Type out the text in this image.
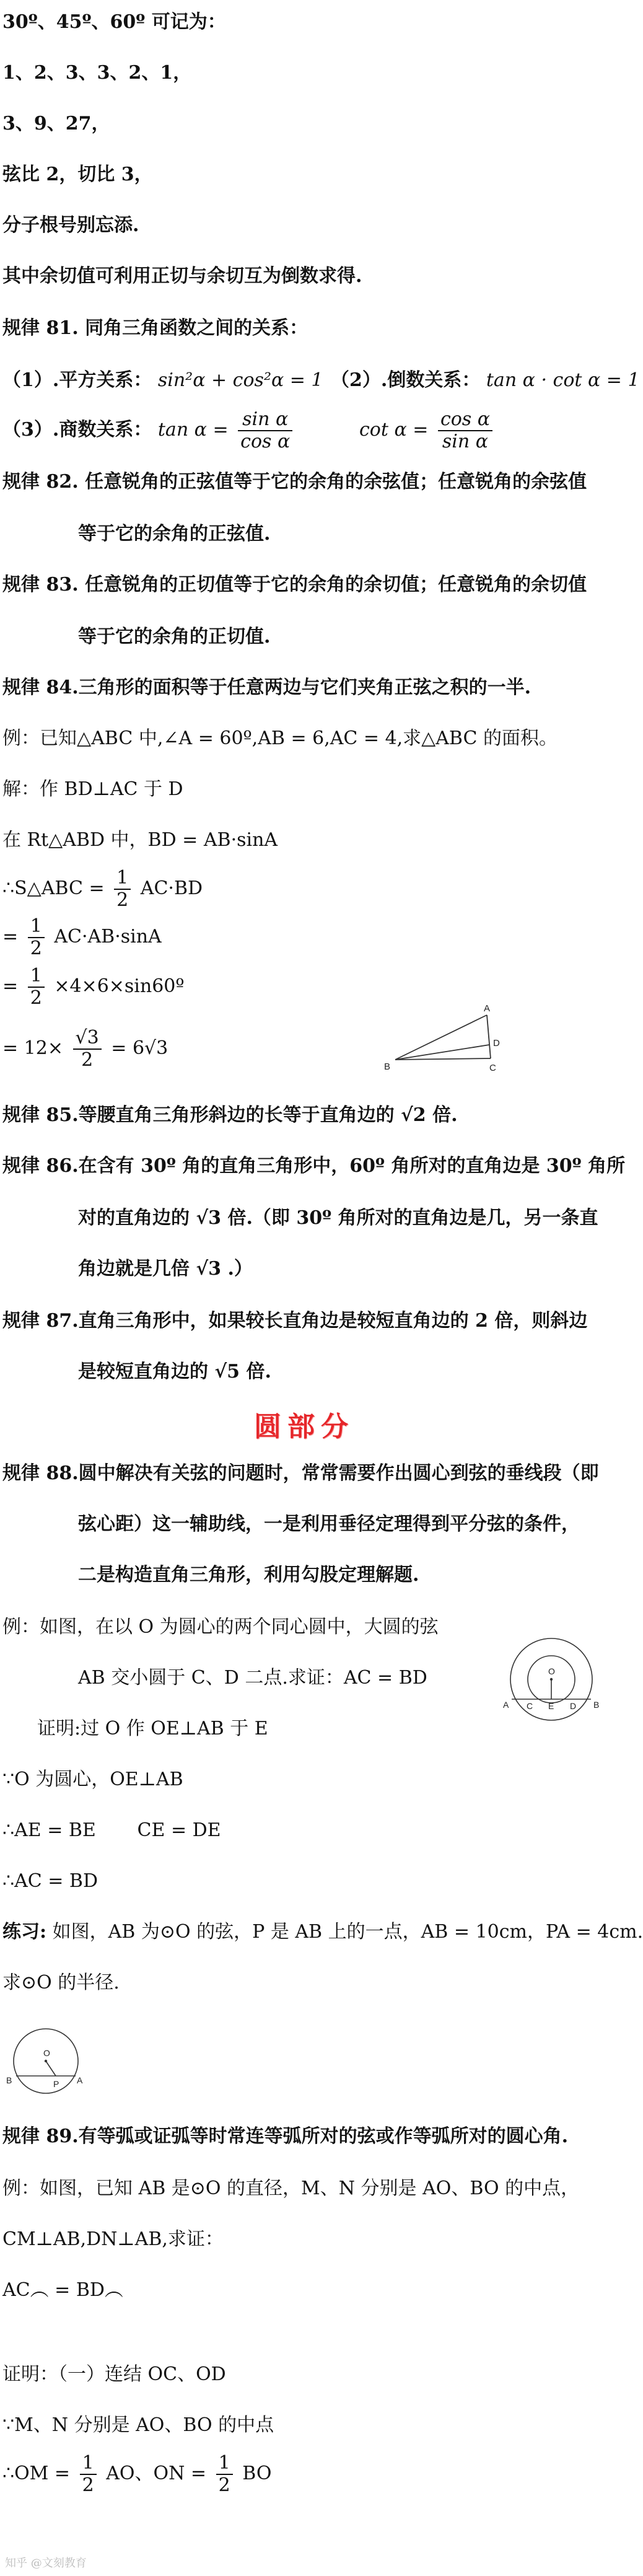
30º、45º、60º 可记为：
1、2、3、3、2、1，
3、9、27，
弦比 2，切比 3，
分子根号别忘添.
其中余切值可利用正切与余切互为倒数求得.
规律 81. 同角三角函数之间的关系：
（1）.平方关系： sin²α + cos²α = 1 （2）.倒数关系： tan α · cot α = 1
（3）.商数关系： $\tan \alpha = \frac{\text{sin α}}{\text{cos α}}$	$\cot \alpha = \frac{\text{cos α}}{\text{sin α}}$
规律 82. 任意锐角的正弦值等于它的余角的余弦值；任意锐角的余弦值
等于它的余角的正弦值.
规律 83. 任意锐角的正切值等于它的余角的余切值；任意锐角的余切值
等于它的余角的正切值.
规律 84.三角形的面积等于任意两边与它们夹角正弦之积的一半.
例：已知△ABC 中,∠A = 60º,AB = 6,AC = 4,求△ABC 的面积。
解：作 BD⊥AC 于 D
在 Rt△ABD 中，BD = AB·sinA
∴S△ABC = $\frac{1}{2} AC\cdot BD$
= $\frac{1}{2} AC\cdot AB\cdot\sin A$
= $\frac{1}{2}$ ×4×6×sin60º
= $12\times \frac{√3}{2} = 6√3$
A
B	C
D
规律 85.等腰直角三角形斜边的长等于直角边的 √2 倍.
规律 86.在含有 30º 角的直角三角形中，60º 角所对的直角边是 30º 角所
对的直角边的 √3 倍.（即 30º 角所对的直角边是几，另一条直
角边就是几倍 √3 .）
规律 87.直角三角形中，如果较长直角边是较短直角边的 2 倍，则斜边
是较短直角边的 √5 倍.
圆部分
规律 88.圆中解决有关弦的问题时，常常需要作出圆心到弦的垂线段（即
弦心距）这一辅助线，一是利用垂径定理得到平分弦的条件，
二是构造直角三角形，利用勾股定理解题.
例：如图，在以 O 为圆心的两个同心圆中，大圆的弦
AB 交小圆于 C、D 二点.求证：AC = BD
证明:过 O 作 OE⊥AB 于 E
∵O 为圆心，OE⊥AB
∴AE = BE       CE = DE
∴AC = BD
练习: 如图，AB 为⊙O 的弦，P 是 AB 上的一点，AB = 10cm，PA = 4cm.
求⊙O 的半径.
O
A C E D B
O
B	P A
规律 89.有等弧或证弧等时常连等弧所对的弦或作等弧所对的圆心角.
例：如图，已知 AB 是⊙O 的直径，M、N 分别是 AO、BO 的中点，
CM⊥AB,DN⊥AB,求证：
AC︵ = BD︵
证明：（一）连结 OC、OD
∵M、N 分别是 AO、BO 的中点
∴OM = $\frac{1}{2}$ AO、ON = $\frac{1}{2}$ BO
知乎 @文刻教育
